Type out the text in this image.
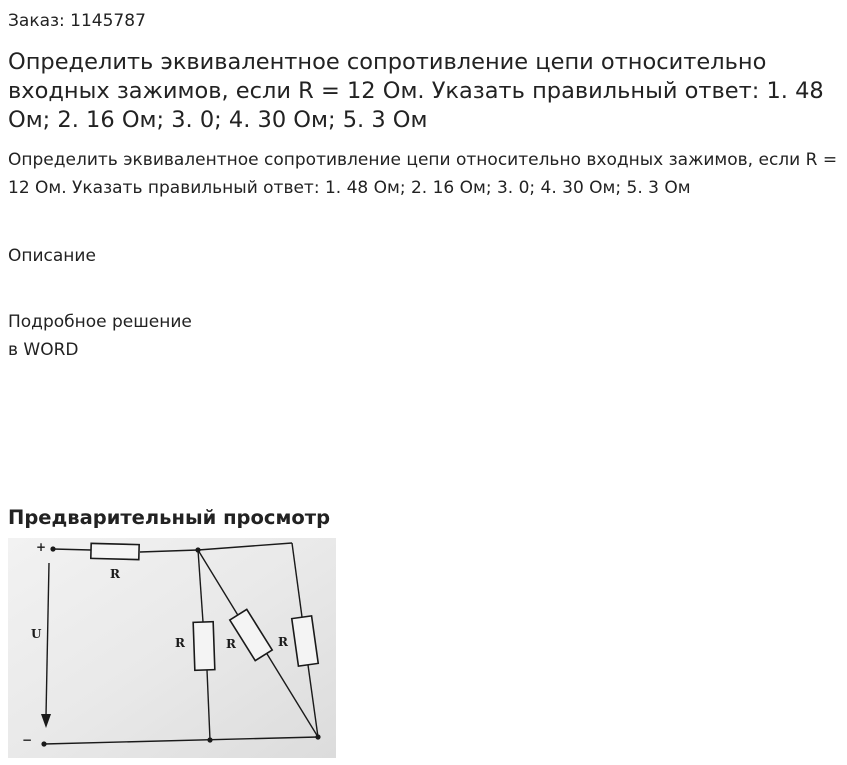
Заказ: 1145787
Определить эквивалентное сопротивление цепи относительно входных зажимов, если R = 12 Ом. Указать правильный ответ: 1. 48 Ом; 2. 16 Ом; 3. 0; 4. 30 Ом; 5. 3 Ом

Определить эквивалентное сопротивление цепи относительно входных зажимов, если R = 12 Ом. Указать правильный ответ: 1. 48 Ом; 2. 16 Ом; 3. 0; 4. 30 Ом; 5. 3 Ом

Описание
Подробное решение
в WORD
Предварительный просмотр
+
−
U
R
R	R	R
